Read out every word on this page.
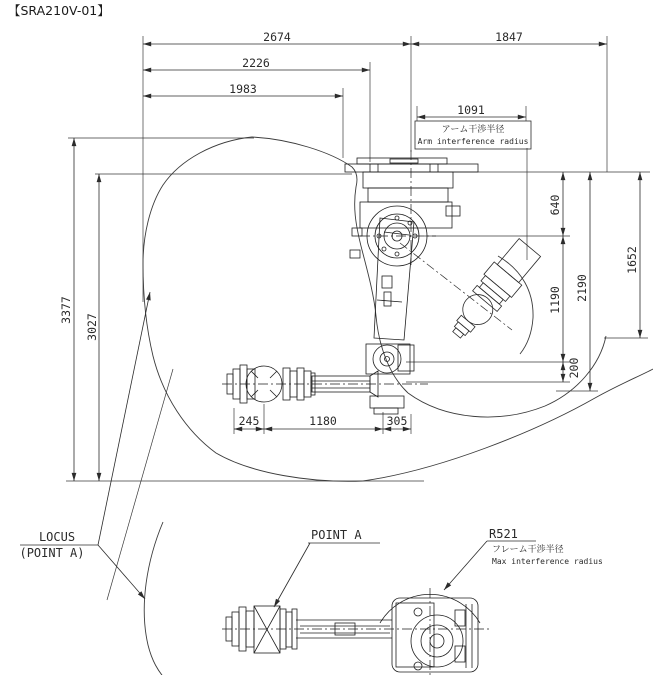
【SRA210V-01】
2674	1847
2226
1983
1091
3377
3027
640
1190
200
2190
1652
245	1180	305
アーム干渉半径
Arm interference radius
LOCUS
(POINT A)
POINT A	R521
フレーム干渉半径
Max interference radius
